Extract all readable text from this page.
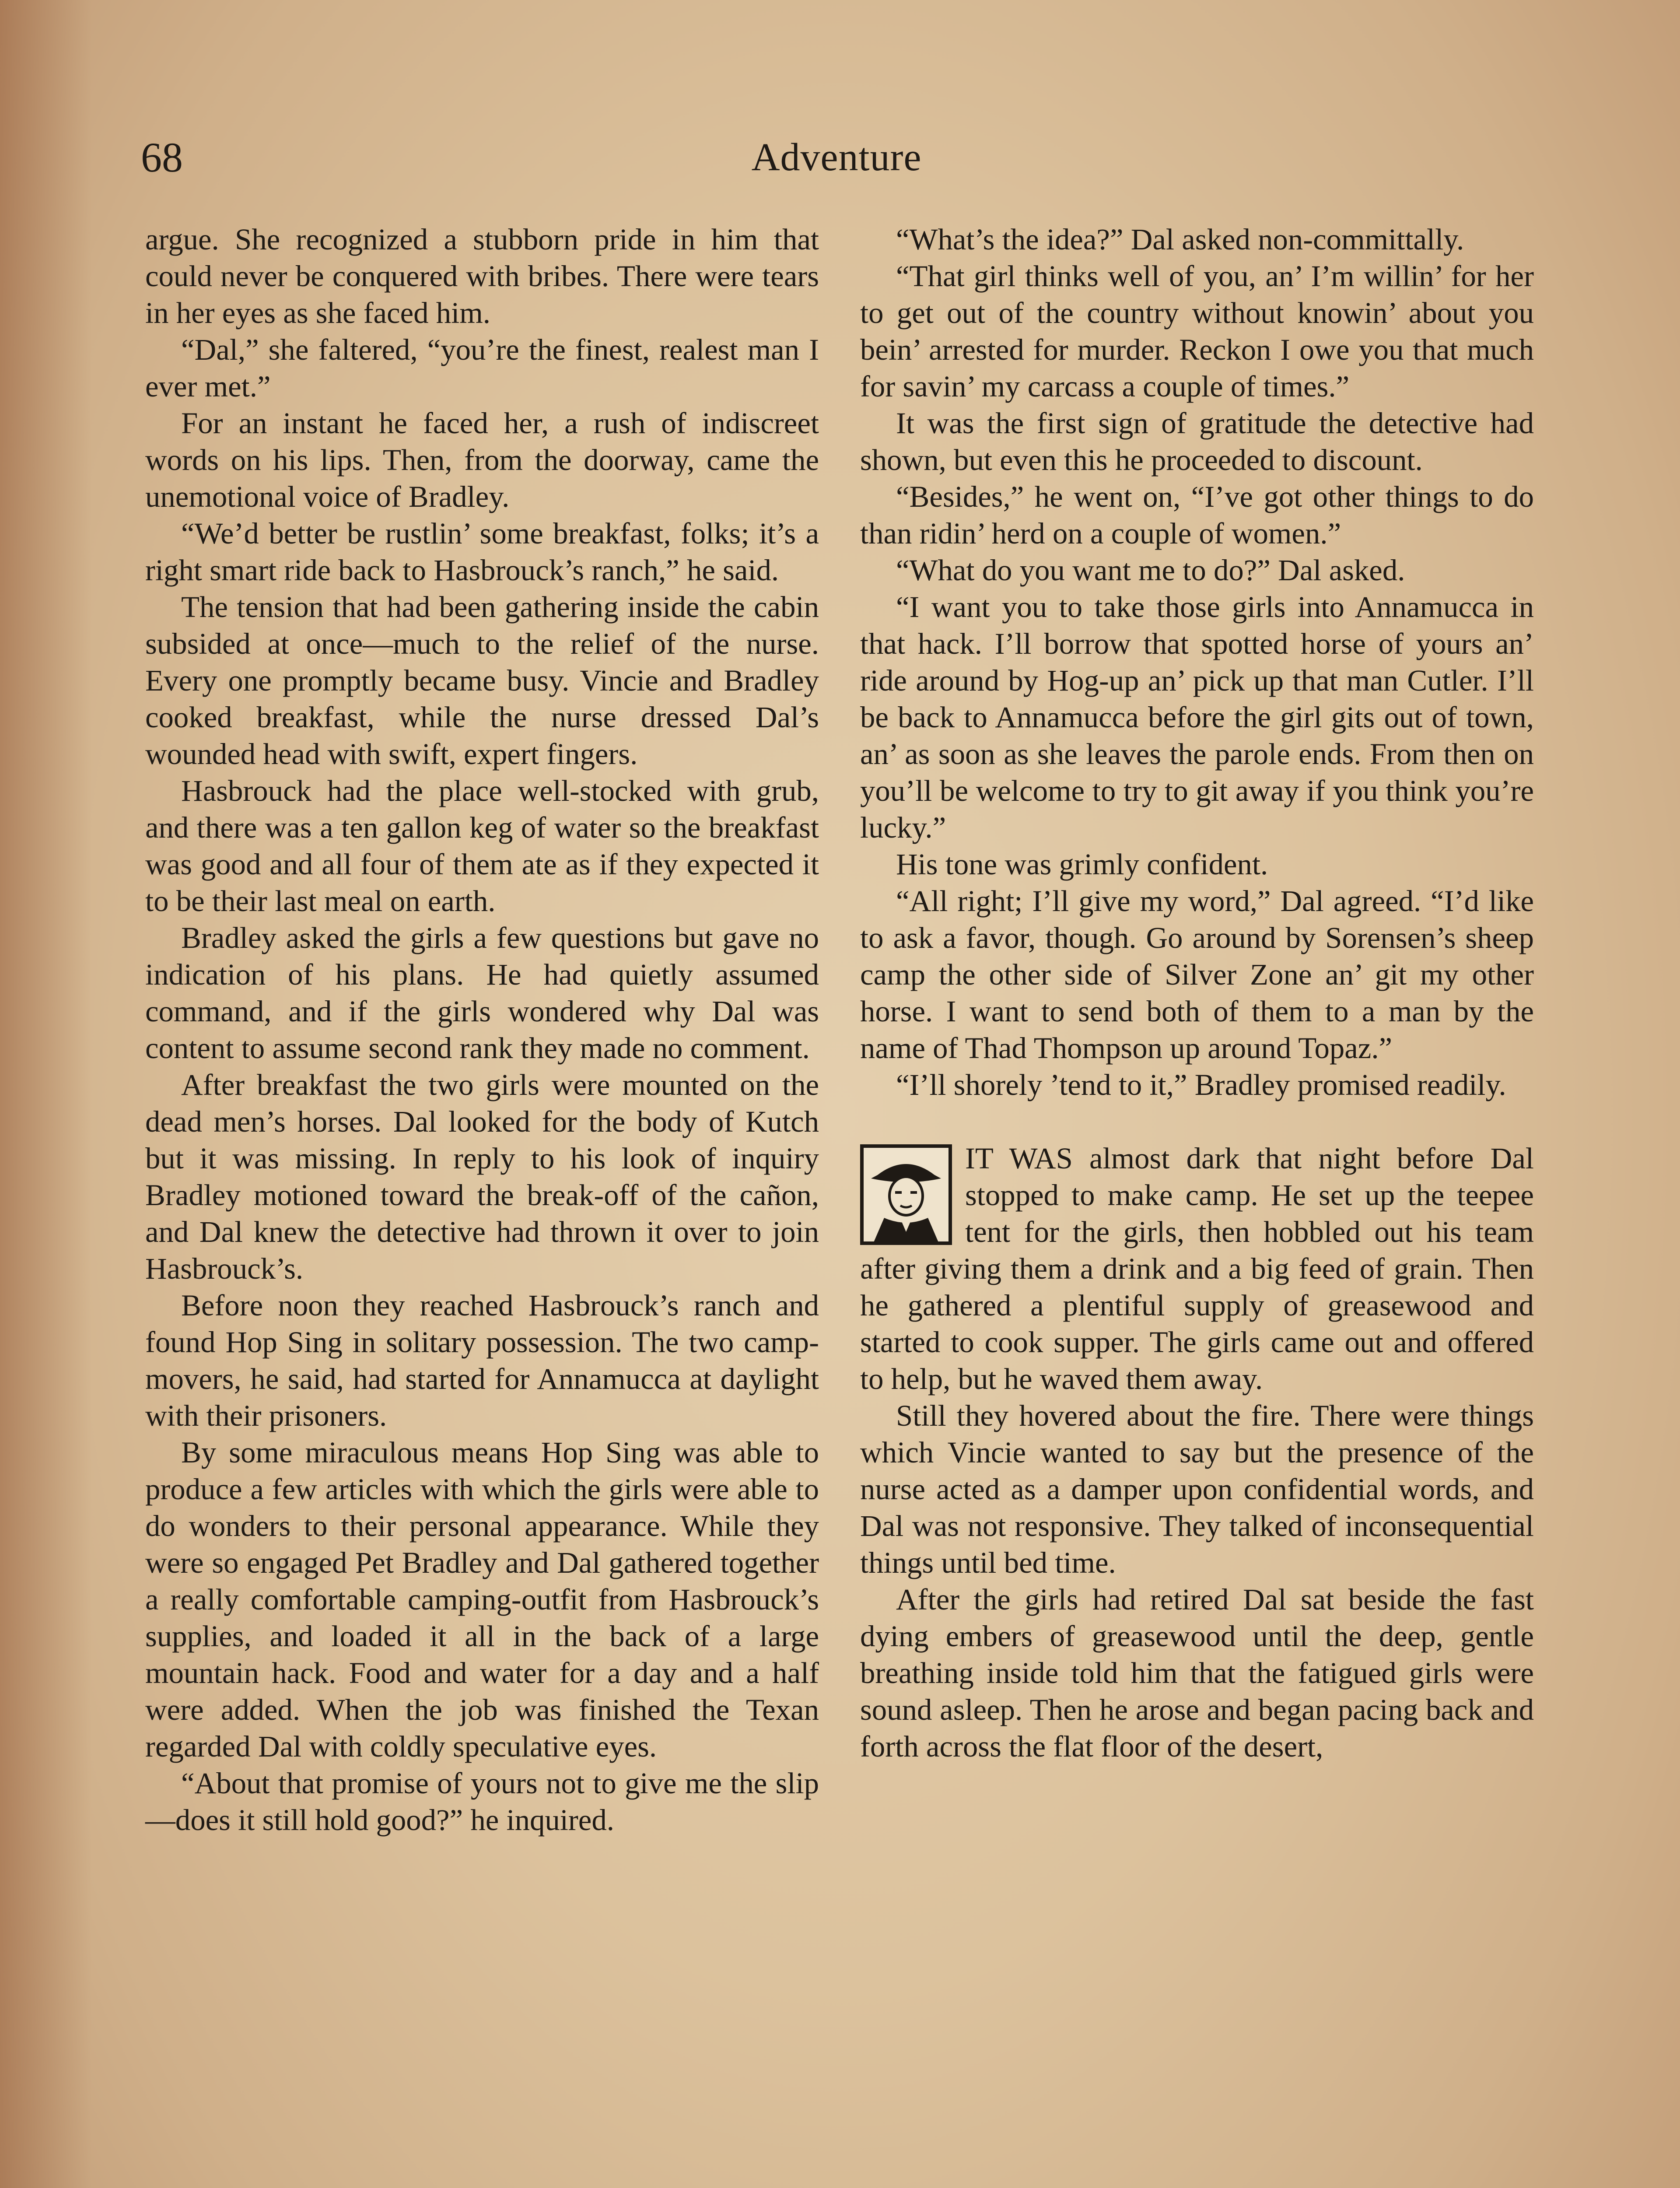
68	Adventure

argue. She recognized a stubborn pride in him that could never be conquered with bribes. There were tears in her eyes as she faced him.

“Dal,” she faltered, “you’re the finest, realest man I ever met.”

For an instant he faced her, a rush of indiscreet words on his lips. Then, from the doorway, came the unemotional voice of Bradley.

“We’d better be rustlin’ some breakfast, folks; it’s a right smart ride back to Hasbrouck’s ranch,” he said.

The tension that had been gathering inside the cabin subsided at once—much to the relief of the nurse. Every one promptly became busy. Vincie and Bradley cooked breakfast, while the nurse dressed Dal’s wounded head with swift, expert fingers.

Hasbrouck had the place well-stocked with grub, and there was a ten gallon keg of water so the breakfast was good and all four of them ate as if they expected it to be their last meal on earth.

Bradley asked the girls a few questions but gave no indication of his plans. He had quietly assumed command, and if the girls wondered why Dal was content to assume second rank they made no comment.

After breakfast the two girls were mounted on the dead men’s horses. Dal looked for the body of Kutch but it was missing. In reply to his look of inquiry Bradley motioned toward the break-off of the cañon, and Dal knew the detective had thrown it over to join Hasbrouck’s.

Before noon they reached Hasbrouck’s ranch and found Hop Sing in solitary possession. The two camp-movers, he said, had started for Annamucca at daylight with their prisoners.

By some miraculous means Hop Sing was able to produce a few articles with which the girls were able to do wonders to their personal appearance. While they were so engaged Pet Bradley and Dal gathered together a really comfortable camping-outfit from Hasbrouck’s supplies, and loaded it all in the back of a large mountain hack. Food and water for a day and a half were added. When the job was finished the Texan regarded Dal with coldly speculative eyes.

“About that promise of yours not to give me the slip—does it still hold good?” he inquired.

“What’s the idea?” Dal asked non-committally.

“That girl thinks well of you, an’ I’m willin’ for her to get out of the country without knowin’ about you bein’ arrested for murder. Reckon I owe you that much for savin’ my carcass a couple of times.”

It was the first sign of gratitude the detective had shown, but even this he proceeded to discount.

“Besides,” he went on, “I’ve got other things to do than ridin’ herd on a couple of women.”

“What do you want me to do?” Dal asked.

“I want you to take those girls into Annamucca in that hack. I’ll borrow that spotted horse of yours an’ ride around by Hog-up an’ pick up that man Cutler. I’ll be back to Annamucca before the girl gits out of town, an’ as soon as she leaves the parole ends. From then on you’ll be welcome to try to git away if you think you’re lucky.”

His tone was grimly confident.

“All right; I’ll give my word,” Dal agreed. “I’d like to ask a favor, though. Go around by Sorensen’s sheep camp the other side of Silver Zone an’ git my other horse. I want to send both of them to a man by the name of Thad Thompson up around Topaz.”

“I’ll shorely ’tend to it,” Bradley promised readily.

IT WAS almost dark that night before Dal stopped to make camp. He set up the teepee tent for the girls, then hobbled out his team after giving them a drink and a big feed of grain. Then he gathered a plentiful supply of greasewood and started to cook supper. The girls came out and offered to help, but he waved them away.

Still they hovered about the fire. There were things which Vincie wanted to say but the presence of the nurse acted as a damper upon confidential words, and Dal was not responsive. They talked of inconsequential things until bed time.

After the girls had retired Dal sat beside the fast dying embers of greasewood until the deep, gentle breathing inside told him that the fatigued girls were sound asleep. Then he arose and began pacing back and forth across the flat floor of the desert,
